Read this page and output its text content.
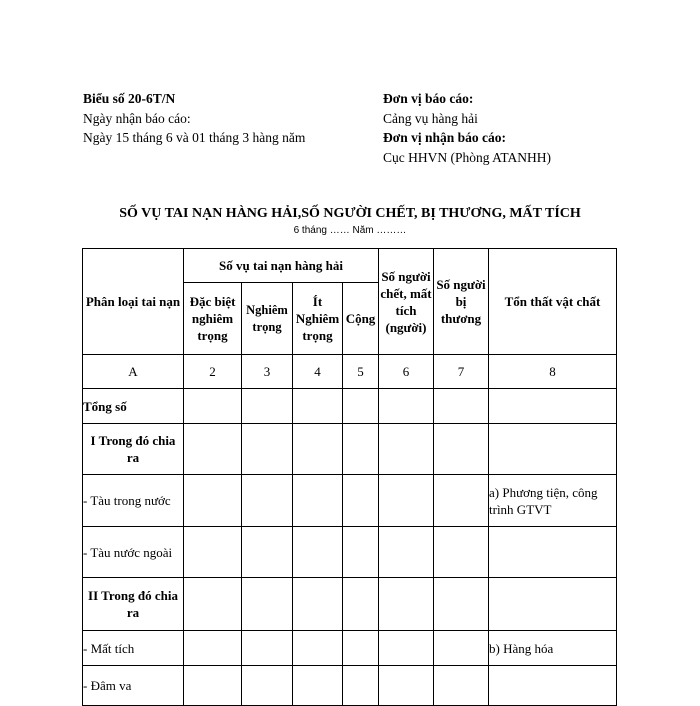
Biểu số 20-6T/N
Ngày nhận báo cáo:
Ngày 15 tháng 6 và 01 tháng 3 hàng năm
Đơn vị báo cáo:
Cảng vụ hàng hải
Đơn vị nhận báo cáo:
Cục HHVN (Phòng ATANHH)
SỐ VỤ TAI NẠN HÀNG HẢI,SỐ NGƯỜI CHẾT, BỊ THƯƠNG, MẤT TÍCH
6 tháng …… Năm ………
Phân loại tai nạn	Số vụ tai nạn hàng hải				Số người chết, mất tích (người)	Số người bị thương	Tổn thất vật chất
	Đặc biệt nghiêm trọng	Nghiêm trọng	Ít Nghiêm trọng	Cộng			
A	2	3	4	5	6	7	8
Tổng số							
I Trong đó chia ra							
- Tàu trong nước							a) Phương tiện, công trình GTVT
- Tàu nước ngoài							
II Trong đó chia ra							
- Mất tích							b) Hàng hóa
- Đâm va							
